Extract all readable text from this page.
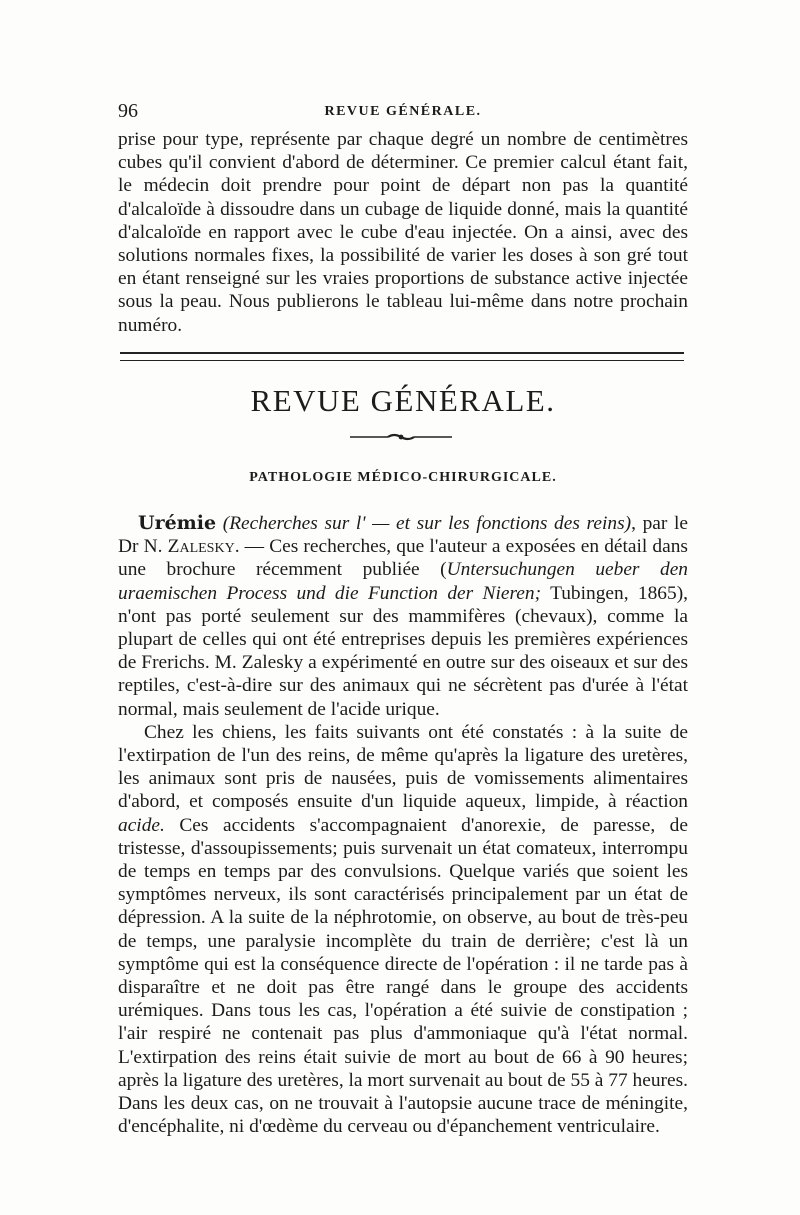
96	REVUE GÉNÉRALE.

prise pour type, représente par chaque degré un nombre de centimètres cubes qu'il convient d'abord de déterminer. Ce premier calcul étant fait, le médecin doit prendre pour point de départ non pas la quantité d'alcaloïde à dissoudre dans un cubage de liquide donné, mais la quantité d'alcaloïde en rapport avec le cube d'eau injectée. On a ainsi, avec des solutions normales fixes, la possibilité de varier les doses à son gré tout en étant renseigné sur les vraies proportions de substance active injectée sous la peau. Nous publierons le tableau lui-même dans notre prochain numéro.

REVUE GÉNÉRALE.
PATHOLOGIE MÉDICO-CHIRURGICALE.

Urémie (Recherches sur l' — et sur les fonctions des reins), par le Dr N. Zalesky. — Ces recherches, que l'auteur a exposées en détail dans une brochure récemment publiée (Untersuchungen ueber den uraemischen Process und die Function der Nieren; Tubingen, 1865), n'ont pas porté seulement sur des mammifères (chevaux), comme la plupart de celles qui ont été entreprises depuis les premières expériences de Frerichs. M. Zalesky a expérimenté en outre sur des oiseaux et sur des reptiles, c'est-à-dire sur des animaux qui ne sécrètent pas d'urée à l'état normal, mais seulement de l'acide urique.

Chez les chiens, les faits suivants ont été constatés : à la suite de l'extirpation de l'un des reins, de même qu'après la ligature des uretères, les animaux sont pris de nausées, puis de vomissements alimentaires d'abord, et composés ensuite d'un liquide aqueux, limpide, à réaction acide. Ces accidents s'accompagnaient d'anorexie, de paresse, de tristesse, d'assoupissements; puis survenait un état comateux, interrompu de temps en temps par des convulsions. Quelque variés que soient les symptômes nerveux, ils sont caractérisés principalement par un état de dépression. A la suite de la néphrotomie, on observe, au bout de très-peu de temps, une paralysie incomplète du train de derrière; c'est là un symptôme qui est la conséquence directe de l'opération : il ne tarde pas à disparaître et ne doit pas être rangé dans le groupe des accidents urémiques. Dans tous les cas, l'opération a été suivie de constipation ; l'air respiré ne contenait pas plus d'ammoniaque qu'à l'état normal. L'extirpation des reins était suivie de mort au bout de 66 à 90 heures; après la ligature des uretères, la mort survenait au bout de 55 à 77 heures. Dans les deux cas, on ne trouvait à l'autopsie aucune trace de méningite, d'encéphalite, ni d'œdème du cerveau ou d'épanchement ventriculaire.
